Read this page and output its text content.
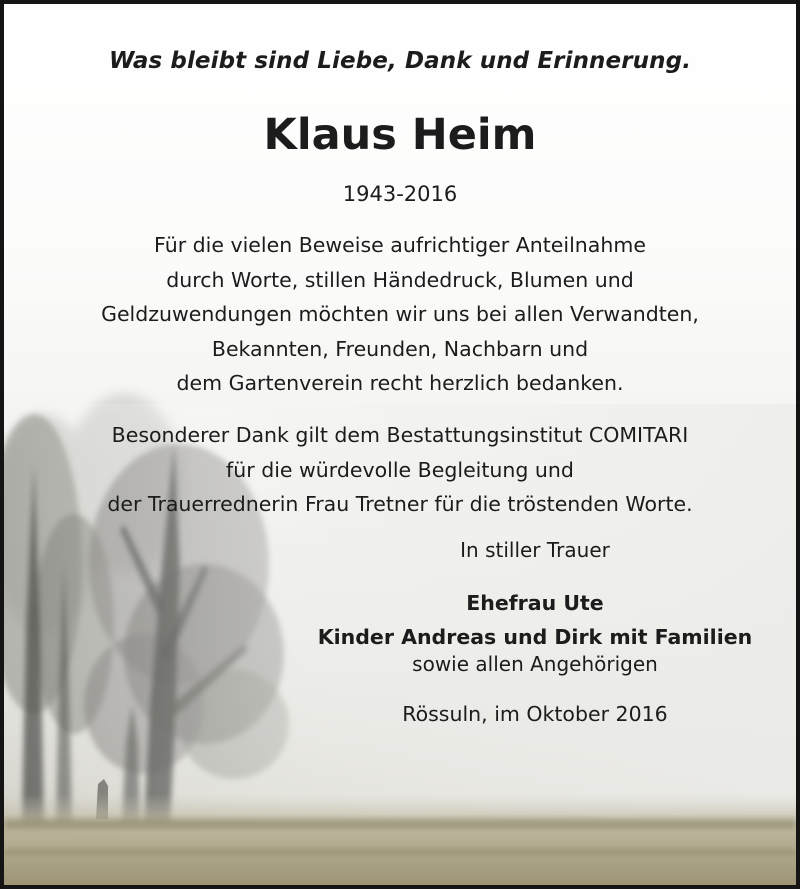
Was bleibt sind Liebe, Dank und Erinnerung.

Klaus Heim

1943-2016

Für die vielen Beweise aufrichtiger Anteilnahme
durch Worte, stillen Händedruck, Blumen und
Geldzuwendungen möchten wir uns bei allen Verwandten,
Bekannten, Freunden, Nachbarn und
dem Gartenverein recht herzlich bedanken.
Besonderer Dank gilt dem Bestattungsinstitut COMITARI
für die würdevolle Begleitung und
der Trauerrednerin Frau Tretner für die tröstenden Worte.

In stiller Trauer

Ehefrau Ute
Kinder Andreas und Dirk mit Familien

sowie allen Angehörigen

Rössuln, im Oktober 2016
